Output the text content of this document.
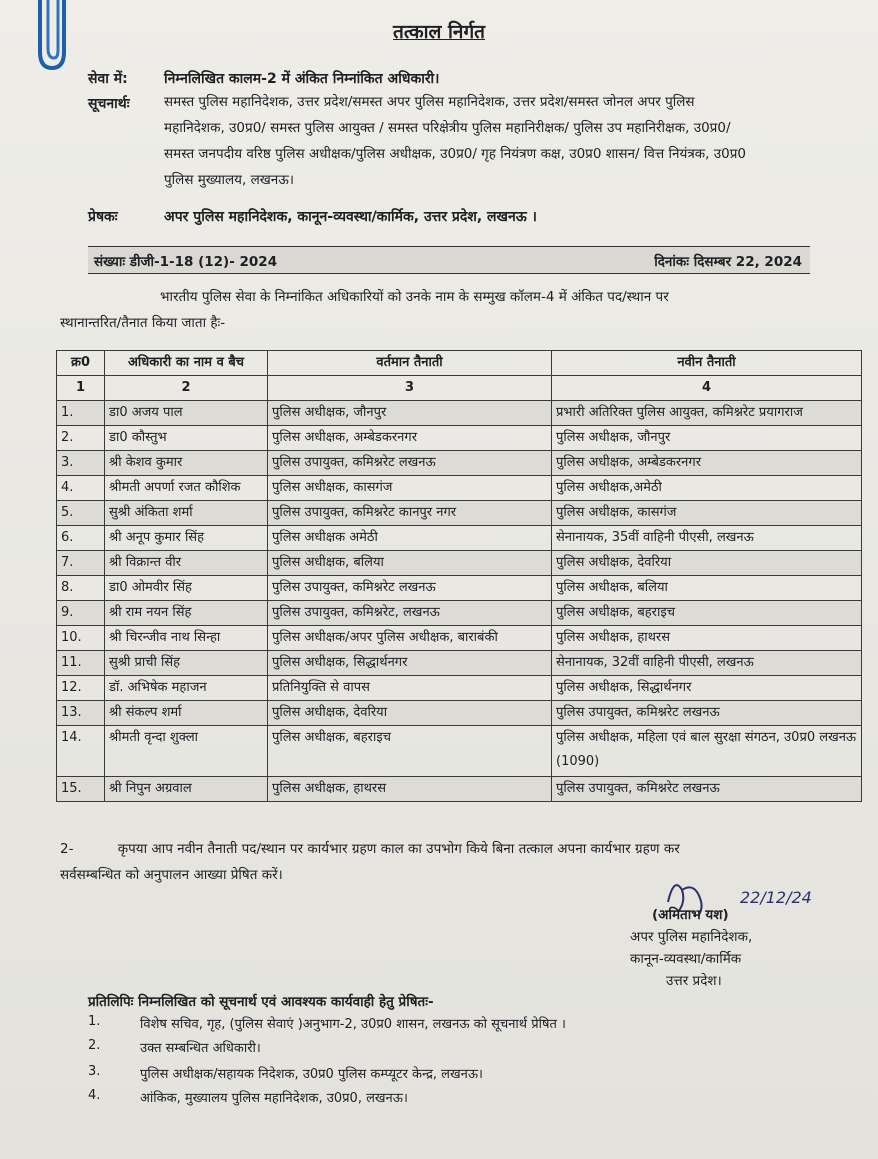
तत्काल निर्गत
सेवा में:	निम्नलिखित कालम-2 में अंकित निम्नांकित अधिकारी।
सूचनार्थः	समस्त पुलिस महानिदेशक, उत्तर प्रदेश/समस्त अपर पुलिस महानिदेशक, उत्तर प्रदेश/समस्त जोनल अपर पुलिस
महानिदेशक, उ0प्र0/ समस्त पुलिस आयुक्त / समस्त परिक्षेत्रीय पुलिस महानिरीक्षक/ पुलिस उप महानिरीक्षक, उ0प्र0/
समस्त जनपदीय वरिष्ठ पुलिस अधीक्षक/पुलिस अधीक्षक, उ0प्र0/ गृह नियंत्रण कक्ष, उ0प्र0 शासन/ वित्त नियंत्रक, उ0प्र0
पुलिस मुख्यालय, लखनऊ।
प्रेषकः	अपर पुलिस महानिदेशक, कानून-व्यवस्था/कार्मिक, उत्तर प्रदेश, लखनऊ ।
संख्याः डीजी-1-18 (12)- 2024	दिनांकः दिसम्बर 22, 2024
भारतीय पुलिस सेवा के निम्नांकित अधिकारियों को उनके नाम के सम्मुख कॉलम-4 में अंकित पद/स्थान पर
स्थानान्तरित/तैनात किया जाता हैः-
क्र0	अधिकारी का नाम व बैच	वर्तमान तैनाती	नवीन तैनाती
1	2	3	4
1.	डा0 अजय पाल	पुलिस अधीक्षक, जौनपुर	प्रभारी अतिरिक्त पुलिस आयुक्त, कमिश्नरेट प्रयागराज
2.	डा0 कौस्तुभ	पुलिस अधीक्षक, अम्बेडकरनगर	पुलिस अधीक्षक, जौनपुर
3.	श्री केशव कुमार	पुलिस उपायुक्त, कमिश्नरेट लखनऊ	पुलिस अधीक्षक, अम्बेडकरनगर
4.	श्रीमती अपर्णा रजत कौशिक	पुलिस अधीक्षक, कासगंज	पुलिस अधीक्षक,अमेठी
5.	सुश्री अंकिता शर्मा	पुलिस उपायुक्त, कमिश्नरेट कानपुर नगर	पुलिस अधीक्षक, कासगंज
6.	श्री अनूप कुमार सिंह	पुलिस अधीक्षक अमेठी	सेनानायक, 35वीं वाहिनी पीएसी, लखनऊ
7.	श्री विक्रान्त वीर	पुलिस अधीक्षक, बलिया	पुलिस अधीक्षक, देवरिया
8.	डा0 ओमवीर सिंह	पुलिस उपायुक्त, कमिश्नरेट लखनऊ	पुलिस अधीक्षक, बलिया
9.	श्री राम नयन सिंह	पुलिस उपायुक्त, कमिश्नरेट, लखनऊ	पुलिस अधीक्षक, बहराइच
10.	श्री चिरन्जीव नाथ सिन्हा	पुलिस अधीक्षक/अपर पुलिस अधीक्षक, बाराबंकी	पुलिस अधीक्षक, हाथरस
11.	सुश्री प्राची सिंह	पुलिस अधीक्षक, सिद्धार्थनगर	सेनानायक, 32वीं वाहिनी पीएसी, लखनऊ
12.	डॉ. अभिषेक महाजन	प्रतिनियुक्ति से वापस	पुलिस अधीक्षक, सिद्धार्थनगर
13.	श्री संकल्प शर्मा	पुलिस अधीक्षक, देवरिया	पुलिस उपायुक्त, कमिश्नरेट लखनऊ
14.	श्रीमती वृन्दा शुक्ला	पुलिस अधीक्षक, बहराइच	पुलिस अधीक्षक, महिला एवं बाल सुरक्षा संगठन, उ0प्र0 लखनऊ (1090)
15.	श्री निपुन अग्रवाल	पुलिस अधीक्षक, हाथरस	पुलिस उपायुक्त, कमिश्नरेट लखनऊ
2-	कृपया आप नवीन तैनाती पद/स्थान पर कार्यभार ग्रहण काल का उपभोग किये बिना तत्काल अपना कार्यभार ग्रहण कर
सर्वसम्बन्धित को अनुपालन आख्या प्रेषित करें।
22/12/24
(अमिताभ यश)
अपर पुलिस महानिदेशक,
कानून-व्यवस्था/कार्मिक
उत्तर प्रदेश।
प्रतिलिपिः निम्नलिखित को सूचनार्थ एवं आवश्यक कार्यवाही हेतु प्रेषितः-
1.	विशेष सचिव, गृह, (पुलिस सेवाएं )अनुभाग-2, उ0प्र0 शासन, लखनऊ को सूचनार्थ प्रेषित ।
2.	उक्त सम्बन्धित अधिकारी।
3.	पुलिस अधीक्षक/सहायक निदेशक, उ0प्र0 पुलिस कम्प्यूटर केन्द्र, लखनऊ।
4.	आंकिक, मुख्यालय पुलिस महानिदेशक, उ0प्र0, लखनऊ।
